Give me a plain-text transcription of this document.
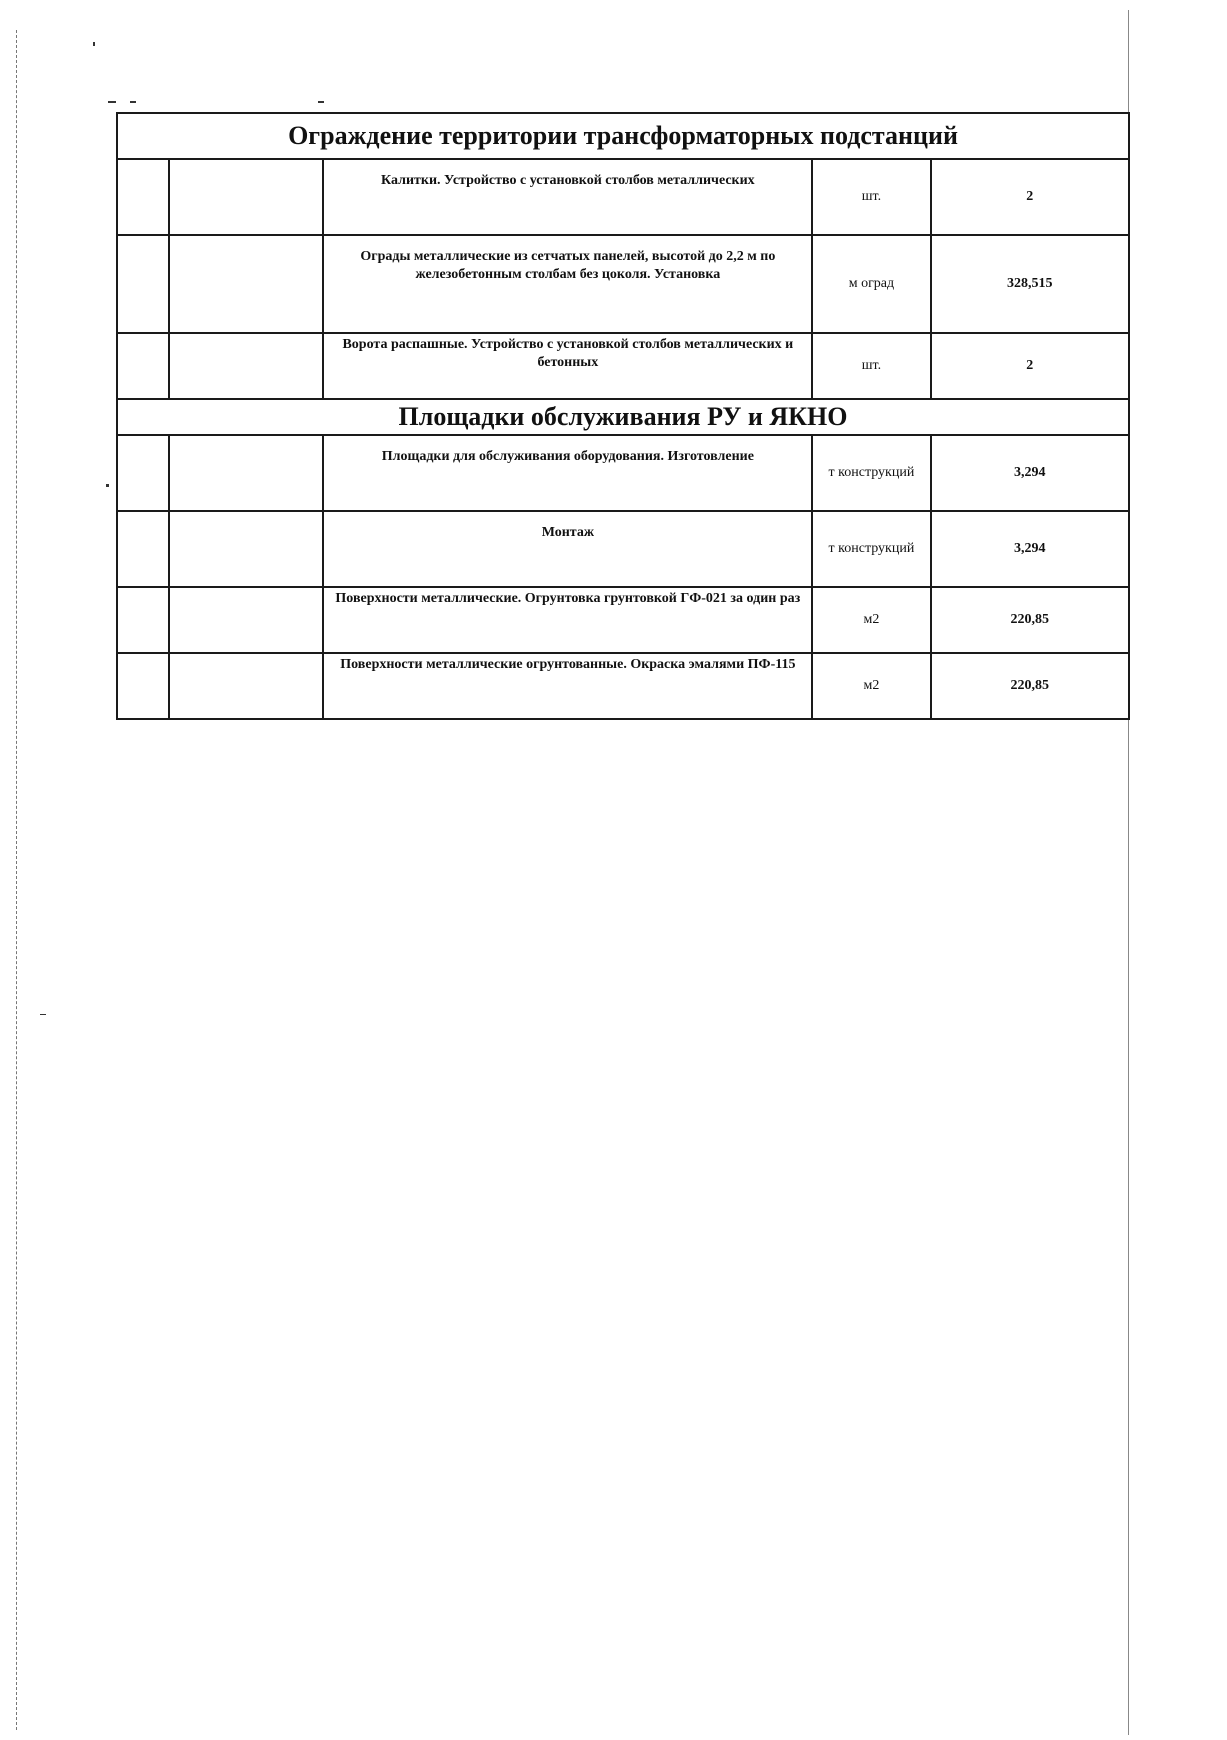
Ограждение территории трансформаторных подстанций				
		Калитки. Устройство с установкой столбов металлических	шт.	2
		Ограды металлические из сетчатых панелей, высотой до 2,2 м по железобетонным столбам без цоколя. Установка	м оград	328,515
		Ворота распашные. Устройство с установкой столбов металлических и бетонных	шт.	2
Площадки обслуживания РУ и ЯКНО				
		Площадки для обслуживания оборудования. Изготовление	т конструкций	3,294
		Монтаж	т конструкций	3,294
		Поверхности металлические. Огрунтовка грунтовкой ГФ-021 за один раз	м2	220,85
		Поверхности металлические огрунтованные. Окраска эмалями ПФ-115	м2	220,85
